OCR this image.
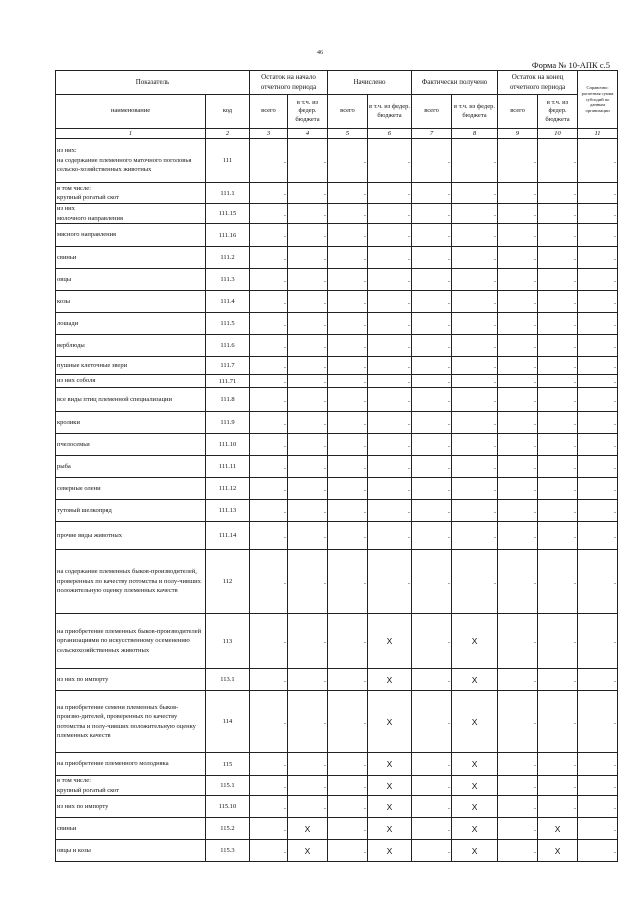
46
Форма № 10-АПК с.5
Показатель		Остаток на начало отчетного периода		Начислено		Фактически получено		Остаток на конец отчетного периода		Справочно: расчетная сумма субсидий по данным организации
наименование	код	всего	в т.ч. из федер. бюджета	всего	в т.ч. из федер. бюджета	всего	в т.ч. из федер. бюджета	всего	в т.ч. из федер. бюджета	
1	2	3	4	5	6	7	8	9	10	11
из них:
на содержание племенного маточного поголовья сельско-хозяйственных животных	111	-	-	-	-	-	-	-	-	-

в том числе:
крупный рогатый скот	111.1	-	-	-	-	-	-	-	-	-

из них
молочного направления	111.15	-	-	-	-	-	-	-	-	-

мясного направления	111.16	-	-	-	-	-	-	-	-	-

свиньи	111.2	-	-	-	-	-	-	-	-	-

овцы	111.3	-	-	-	-	-	-	-	-	-

козы	111.4	-	-	-	-	-	-	-	-	-

лошади	111.5	-	-	-	-	-	-	-	-	-

верблюды	111.6	-	-	-	-	-	-	-	-	-

пушные клеточные звери	111.7	-	-	-	-	-	-	-	-	-

из них соболя	111.71	-	-	-	-	-	-	-	-	-

все виды птиц племенной специализации	111.8	-	-	-	-	-	-	-	-	-

кролики	111.9	-	-	-	-	-	-	-	-	-

пчелосемьи	111.10	-	-	-	-	-	-	-	-	-

рыба	111.11	-	-	-	-	-	-	-	-	-

северные олени	111.12	-	-	-	-	-	-	-	-	-

тутовый шелкопряд	111.13	-	-	-	-	-	-	-	-	-

прочие виды животных	111.14	-	-	-	-	-	-	-	-	-

на содержание племенных быков-производителей, проверенных по качеству потомства и полу-чивших положительную оценку племенных качеств	112	-	-	-	-	-	-	-	-	-

на приобретение племенных быков-производителей организациями по искусственному осеменению сельскохозяйственных животных	113	-	-	-	X	-	X	-	-	-

из них по импорту	113.1	-	-	-	X	-	X	-	-	-

на приобретение семени племенных быков- произво-дителей, проверенных по качеству потомства и полу-чивших положительную оценку племенных качеств	114	-	-	-	X	-	X	-	-	-

на приобретение племенного молодняка	115	-	-	-	X	-	X	-	-	-

в том числе:
крупный рогатый скот	115.1	-	-	-	X	-	X	-	-	-

из них по импорту	115.10	-	-	-	X	-	X	-	-	-

свиньи	115.2	-	X	-	X	-	X	-	X	-

овцы и козы	115.3	-	X	-	X	-	X	-	X	-
